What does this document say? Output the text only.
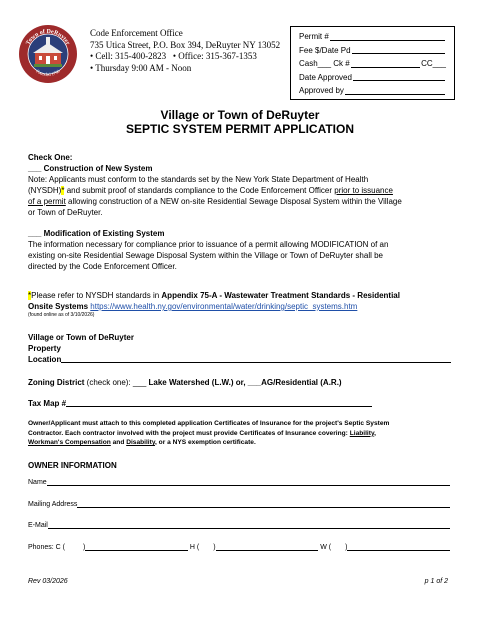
Town of DeRuyter
Founded 1798
Code Enforcement Office
735 Utica Street, P.O. Box 394, DeRuyter NY 13052
• Cell: 315-400-2823   • Office: 315-367-1353
• Thursday 9:00 AM - Noon
Permit #
Fee $/Date Pd
Cash___ Ck #	CC___
Date Approved
Approved by
Village or Town of DeRuyter
SEPTIC SYSTEM PERMIT APPLICATION
Check One:
___ Construction of New System
Note: Applicants must conform to the standards set by the New York State Department of Health
(NYSDH)* and submit proof of standards compliance to the Code Enforcement Officer prior to issuance
of a permit allowing construction of a NEW on-site Residential Sewage Disposal System within the Village
or Town of DeRuyter.
___ Modification of Existing System
The information necessary for compliance prior to issuance of a permit allowing MODIFICATION of an
existing on-site Residential Sewage Disposal System within the Village or Town of DeRuyter shall be
directed by the Code Enforcement Officer.
*Please refer to NYSDH standards in Appendix 75-A - Wastewater Treatment Standards - Residential
Onsite Systems https://www.health.ny.gov/environmental/water/drinking/septic_systems.htm
(found online as of 3/10/2026)
Village or Town of DeRuyter
Property
Location
Zoning District (check one): ___ Lake Watershed (L.W.) or, ___AG/Residential (A.R.)
Tax Map #
Owner/Applicant must attach to this completed application Certificates of Insurance for the project's Septic System
Contractor. Each contractor involved with the project must provide Certificates of Insurance covering: Liability,
Workman's Compensation and Disability, or a NYS exemption certificate.
OWNER INFORMATION
Name
Mailing Address
E-Mail
Phones: C (	)	H ( )	W ( )
Rev 03/2026	p 1 of 2
